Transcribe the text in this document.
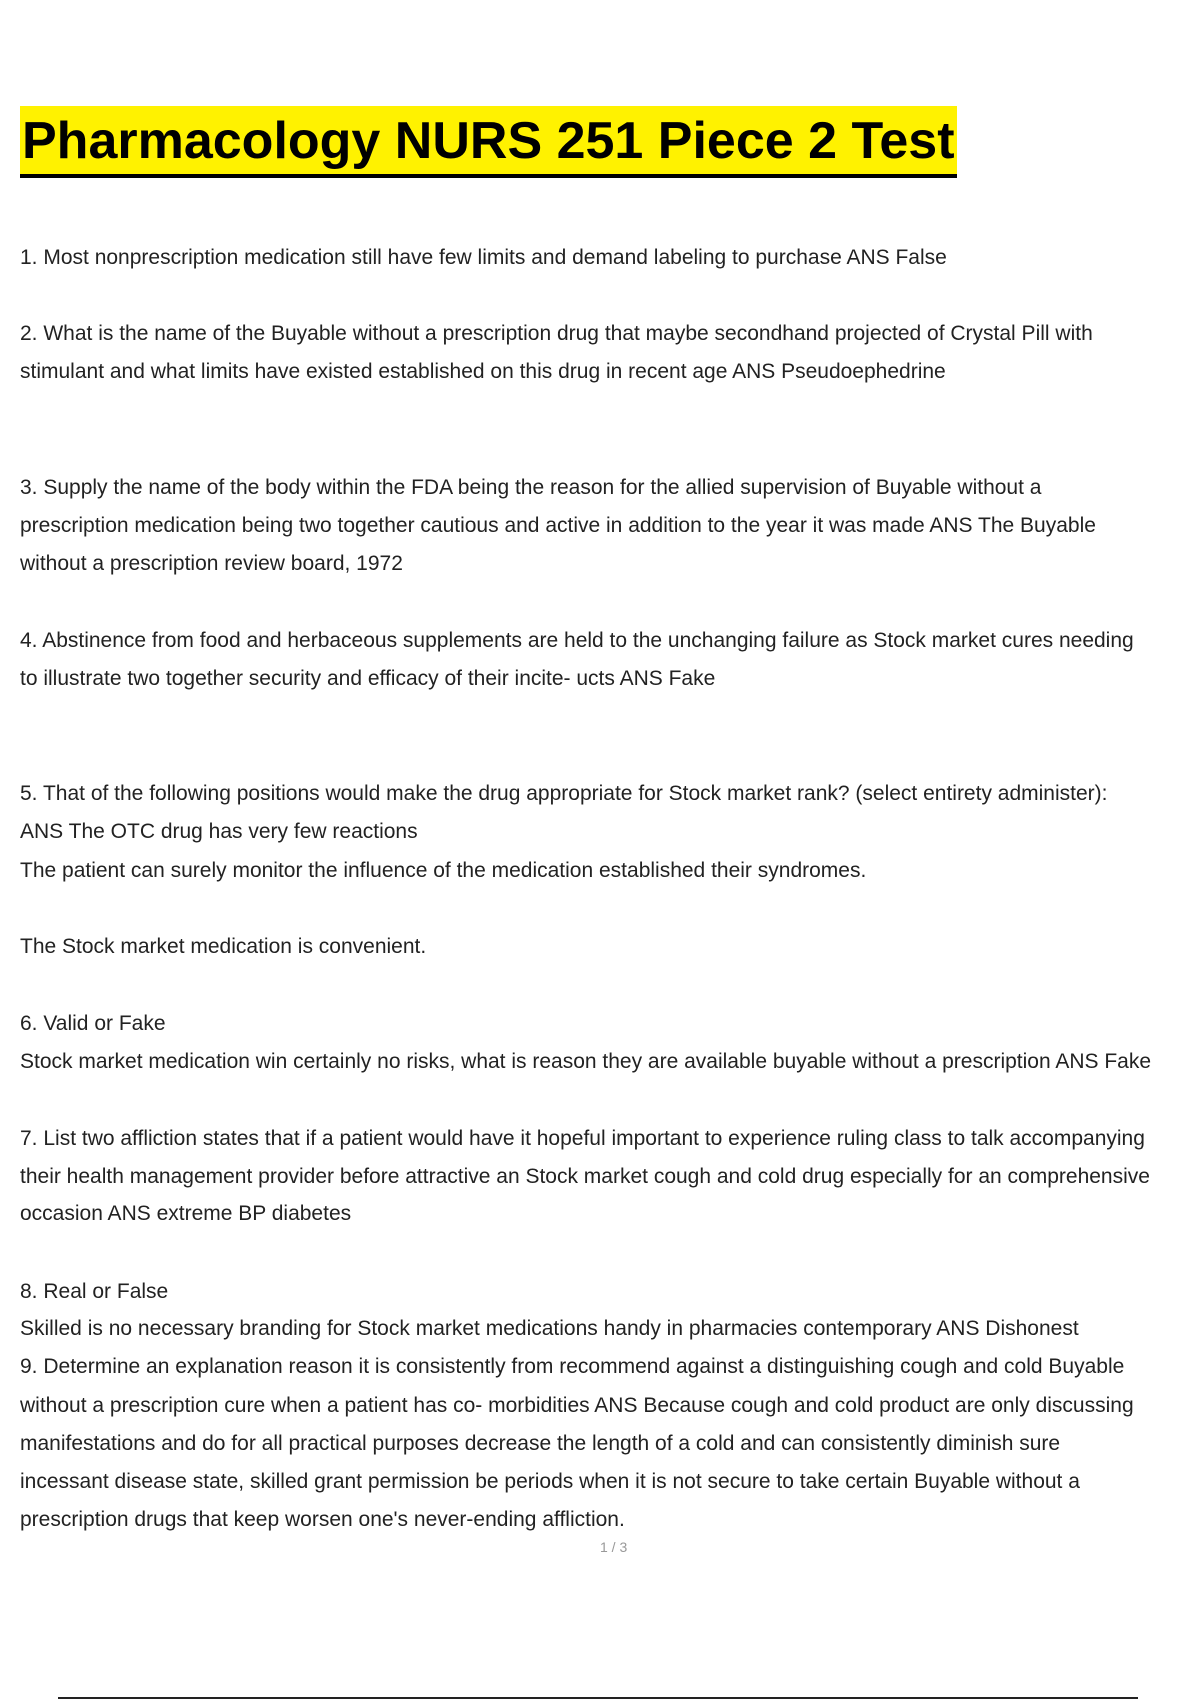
Pharmacology NURS 251 Piece 2 Test
1. Most nonprescription medication still have few limits and demand labeling to purchase ANS False
2. What is the name of the Buyable without a prescription drug that maybe secondhand projected of Crystal Pill with
stimulant and what limits have existed established on this drug in recent age ANS Pseudoephedrine
3. Supply the name of the body within the FDA being the reason for the allied supervision of Buyable without a
prescription medication being two together cautious and active in addition to the year it was made ANS The Buyable
without a prescription review board, 1972
4. Abstinence from food and herbaceous supplements are held to the unchanging failure as Stock market cures needing
to illustrate two together security and efficacy of their incite- ucts ANS Fake
5. That of the following positions would make the drug appropriate for Stock market rank? (select entirety administer):
ANS The OTC drug has very few reactions
The patient can surely monitor the influence of the medication established their syndromes.
The Stock market medication is convenient.
6. Valid or Fake
Stock market medication win certainly no risks, what is reason they are available buyable without a prescription ANS Fake
7. List two affliction states that if a patient would have it hopeful important to experience ruling class to talk accompanying
their health management provider before attractive an Stock market cough and cold drug especially for an comprehensive
occasion ANS extreme BP diabetes
8. Real or False
Skilled is no necessary branding for Stock market medications handy in pharmacies contemporary ANS Dishonest
9. Determine an explanation reason it is consistently from recommend against a distinguishing cough and cold Buyable
without a prescription cure when a patient has co- morbidities ANS Because cough and cold product are only discussing
manifestations and do for all practical purposes decrease the length of a cold and can consistently diminish sure
incessant disease state, skilled grant permission be periods when it is not secure to take certain Buyable without a
prescription drugs that keep worsen one's never-ending affliction.
1 / 3
